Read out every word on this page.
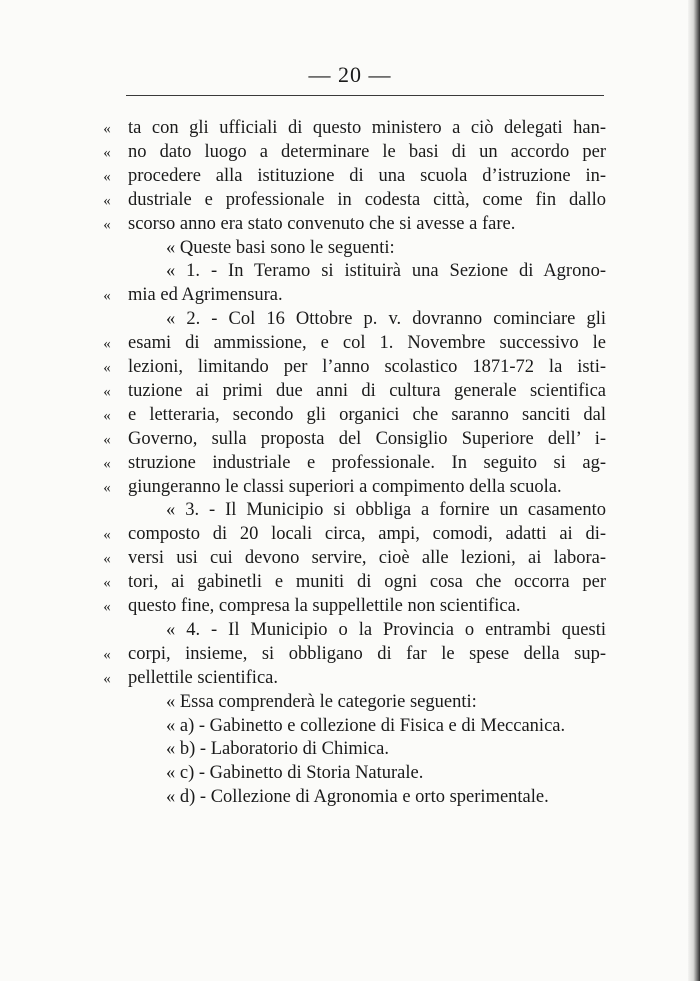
— 20 —
« ta con gli ufficiali di questo ministero a ciò delegati han-
« no dato luogo a determinare le basi di un accordo per
« procedere alla istituzione di una scuola d’istruzione in-
« dustriale e professionale in codesta città, come fin dallo
« scorso anno era stato convenuto che si avesse a fare.
« Queste basi sono le seguenti:
« 1. - In Teramo si istituirà una Sezione di Agrono-
« mia ed Agrimensura.
« 2. - Col 16 Ottobre p. v. dovranno cominciare gli
« esami di ammissione, e col 1. Novembre successivo le
« lezioni, limitando per l’anno scolastico 1871-72 la isti-
« tuzione ai primi due anni di cultura generale scientifica
« e letteraria, secondo gli organici che saranno sanciti dal
« Governo, sulla proposta del Consiglio Superiore dell’ i-
« struzione industriale e professionale. In seguito si ag-
« giungeranno le classi superiori a compimento della scuola.
« 3. - Il Municipio si obbliga a fornire un casamento
« composto di 20 locali circa, ampi, comodi, adatti ai di-
« versi usi cui devono servire, cioè alle lezioni, ai labora-
« tori, ai gabinetli e muniti di ogni cosa che occorra per
« questo fine, compresa la suppellettile non scientifica.
« 4. - Il Municipio o la Provincia o entrambi questi
« corpi, insieme, si obbligano di far le spese della sup-
« pellettile scientifica.
« Essa comprenderà le categorie seguenti:
« a) - Gabinetto e collezione di Fisica e di Meccanica.
« b) - Laboratorio di Chimica.
« c) - Gabinetto di Storia Naturale.
« d) - Collezione di Agronomia e orto sperimentale.
